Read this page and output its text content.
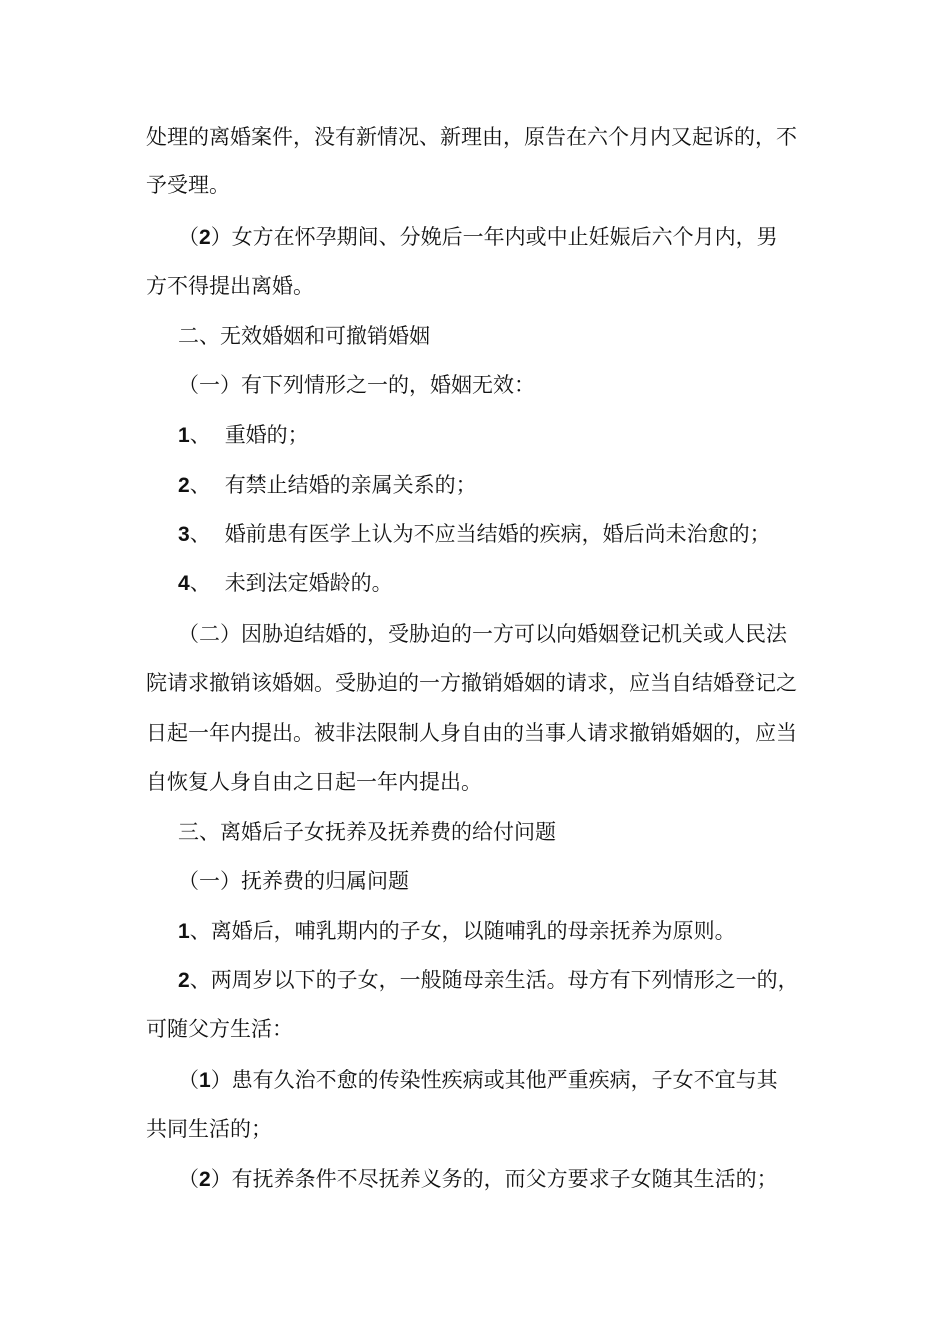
处理的离婚案件，没有新情况、新理由，原告在六个月内又起诉的，不

予受理。

（2）女方在怀孕期间、分娩后一年内或中止妊娠后六个月内，男

方不得提出离婚。

二、无效婚姻和可撤销婚姻

（一）有下列情形之一的，婚姻无效：

1、 重婚的；

2、 有禁止结婚的亲属关系的；

3、 婚前患有医学上认为不应当结婚的疾病，婚后尚未治愈的；

4、 未到法定婚龄的。

（二）因胁迫结婚的，受胁迫的一方可以向婚姻登记机关或人民法

院请求撤销该婚姻。受胁迫的一方撤销婚姻的请求，应当自结婚登记之

日起一年内提出。被非法限制人身自由的当事人请求撤销婚姻的，应当

自恢复人身自由之日起一年内提出。

三、离婚后子女抚养及抚养费的给付问题

（一）抚养费的归属问题

1、离婚后，哺乳期内的子女，以随哺乳的母亲抚养为原则。

2、两周岁以下的子女，一般随母亲生活。母方有下列情形之一的，

可随父方生活：

（1）患有久治不愈的传染性疾病或其他严重疾病，子女不宜与其

共同生活的；

（2）有抚养条件不尽抚养义务的，而父方要求子女随其生活的；
